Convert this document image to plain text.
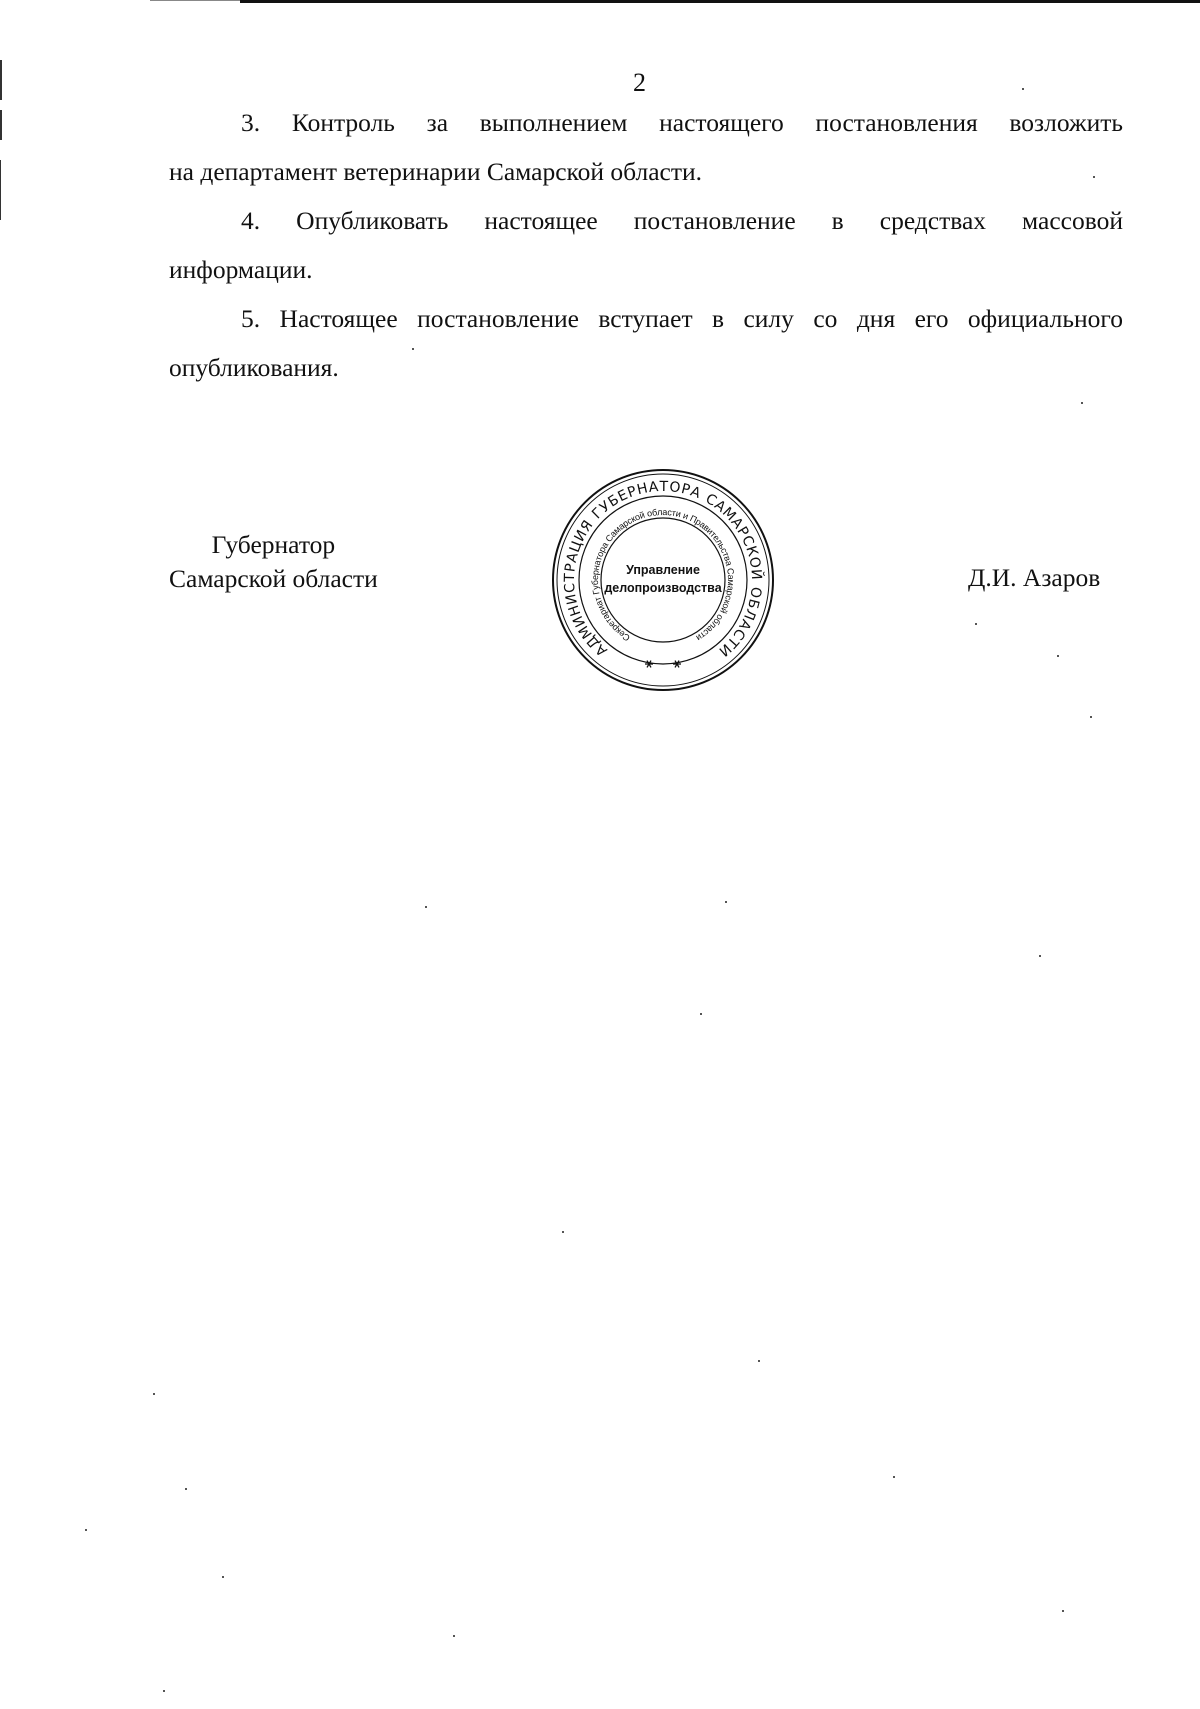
2
3. Контроль за выполнением настоящего постановления возложить
на департамент ветеринарии Самарской области.
4. Опубликовать настоящее постановление в средствах массовой
информации.
5. Настоящее постановление вступает в силу со дня его официального
опубликования.
Губернатор
Самарской области	Д.И. Азаров
Управление
делопроизводства
